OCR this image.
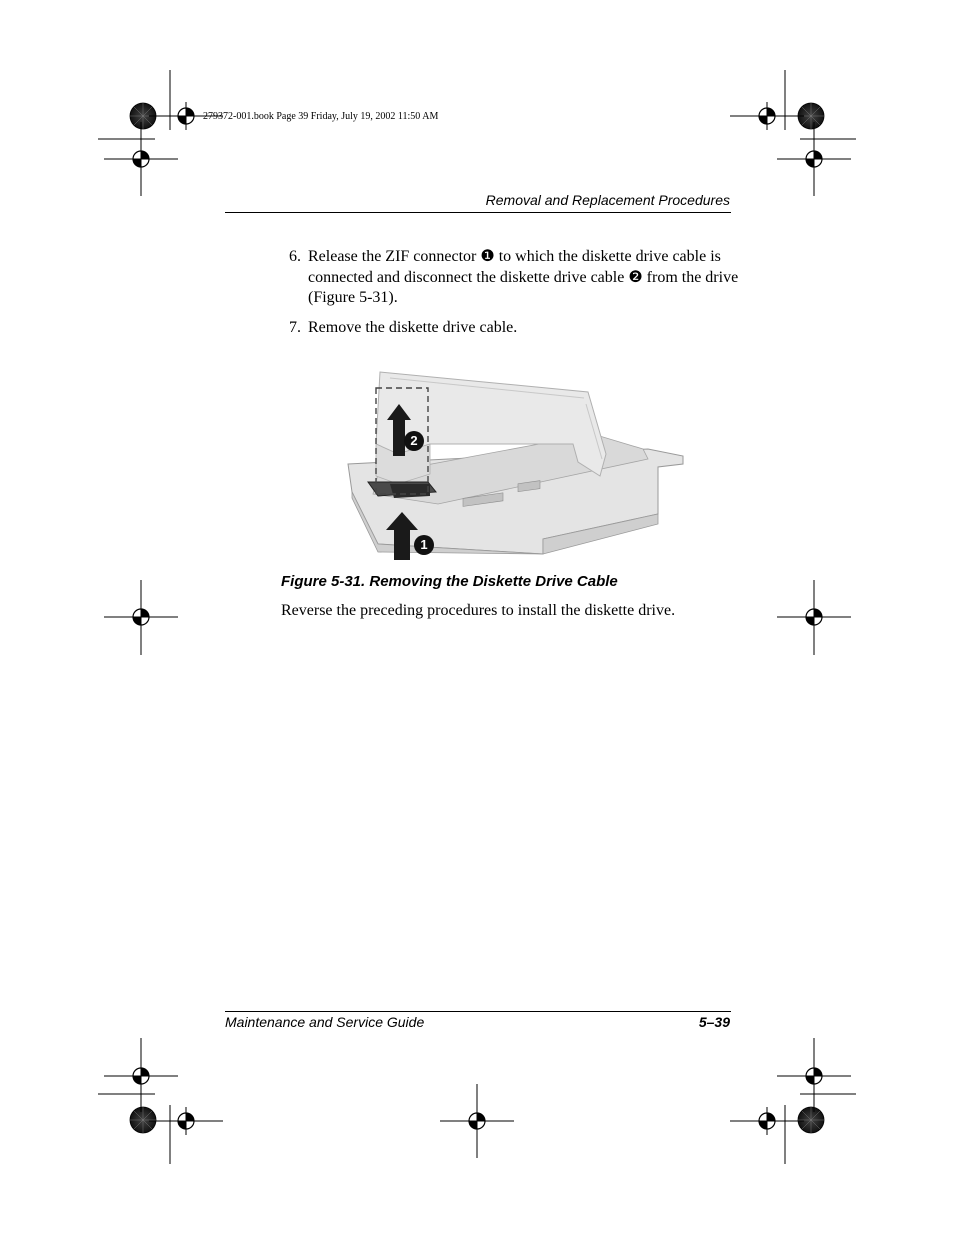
279372-001.book Page 39 Friday, July 19, 2002 11:50 AM
Removal and Replacement Procedures
6. Release the ZIF connector ❶ to which the diskette drive cable is connected and disconnect the diskette drive cable ❷ from the drive (Figure 5-31).
7. Remove the diskette drive cable.
2
1
Figure 5-31. Removing the Diskette Drive Cable
Reverse the preceding procedures to install the diskette drive.
Maintenance and Service Guide	5–39
